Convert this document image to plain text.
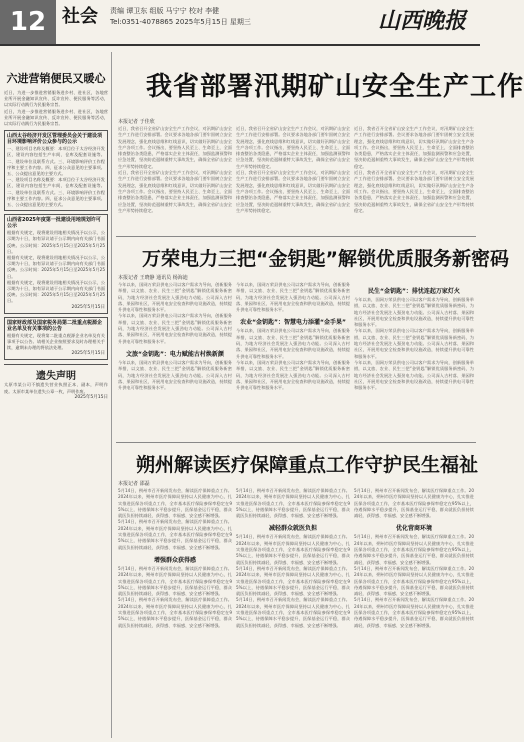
12 社会 责编 谭卫东 组版 马宁宁 校对 李健
Tel:0351-4078865 2025年5月15日 星期三	山西晚报
六进营销便民又暖心
近日，为进一步推进营销服务进乡村、进社区，各地营业所开展金融知识宣传、反诈宣传、便民服务等活动，以实际行动践行为民服务宗旨。
近日，为进一步推进营销服务进乡村、进社区，各地营业所开展金融知识宣传、反诈宣传、便民服务等活动，以实际行动践行为民服务宗旨。
山西太谷经济开发区管理委员会关于建设项目环境影响评价公众参与的公示
一、建设项目名称及概要：本项目位于太谷经济开发区，建设内容包括生产车间、仓库及配套设施等。二、建设单位及联系方式。三、环境影响评价工作程序和主要工作内容。四、征求公众意见的主要事项。五、公众提出意见的主要方式。
一、建设项目名称及概要：本项目位于太谷经济开发区，建设内容包括生产车间、仓库及配套设施等。二、建设单位及联系方式。三、环境影响评价工作程序和主要工作内容。四、征求公众意见的主要事项。五、公众提出意见的主要方式。
山西省2025年度第一批建设用地规划许可公示
根据有关规定，现将建设用地相关情况予以公示，公示期为十日，如有异议请于公示期内向有关部门书面反映。公示时间：2025年5月15日至2025年5月25日。
根据有关规定，现将建设用地相关情况予以公示，公示期为十日，如有异议请于公示期内向有关部门书面反映。公示时间：2025年5月15日至2025年5月25日。
根据有关规定，现将建设用地相关情况予以公示，公示期为十日，如有异议请于公示期内向有关部门书面反映。公示时间：2025年5月15日至2025年5月25日。
2025年5月15日
国家财政部及国家税务局第二批重点税源企业名单及有关事项的公告
根据有关规定，现将第二批重点税源企业名单及有关事项予以公告。请相关企业按照要求及时办理相关手续，逾期未办理的将依法处理。
2025年5月15日
遗失声明
太原市某公司不慎遗失营业执照正本、副本，声明作废。太原市某单位遗失公章一枚，声明作废。
2025年5月15日
我省部署汛期矿山安全生产工作
本报记者 于佳欣
近日，我省召开全省矿山安全生产工作会议，对汛期矿山安全生产工作进行安排部署。会议要求各地各部门要牢固树立安全发展理念，强化底线思维和红线意识，切实做好汛期矿山安全生产各项工作。会议指出，要坚持人民至上、生命至上，全面排查整治各类隐患，严格落实企业主体责任，加强监测预警和应急处置，坚决防范遏制重特大事故发生，确保全省矿山安全生产形势持续稳定。
近日，我省召开全省矿山安全生产工作会议，对汛期矿山安全生产工作进行安排部署。会议要求各地各部门要牢固树立安全发展理念，强化底线思维和红线意识，切实做好汛期矿山安全生产各项工作。会议指出，要坚持人民至上、生命至上，全面排查整治各类隐患，严格落实企业主体责任，加强监测预警和应急处置，坚决防范遏制重特大事故发生，确保全省矿山安全生产形势持续稳定。
近日，我省召开全省矿山安全生产工作会议，对汛期矿山安全生产工作进行安排部署。会议要求各地各部门要牢固树立安全发展理念，强化底线思维和红线意识，切实做好汛期矿山安全生产各项工作。会议指出，要坚持人民至上、生命至上，全面排查整治各类隐患，严格落实企业主体责任，加强监测预警和应急处置，坚决防范遏制重特大事故发生，确保全省矿山安全生产形势持续稳定。
近日，我省召开全省矿山安全生产工作会议，对汛期矿山安全生产工作进行安排部署。会议要求各地各部门要牢固树立安全发展理念，强化底线思维和红线意识，切实做好汛期矿山安全生产各项工作。会议指出，要坚持人民至上、生命至上，全面排查整治各类隐患，严格落实企业主体责任，加强监测预警和应急处置，坚决防范遏制重特大事故发生，确保全省矿山安全生产形势持续稳定。
近日，我省召开全省矿山安全生产工作会议，对汛期矿山安全生产工作进行安排部署。会议要求各地各部门要牢固树立安全发展理念，强化底线思维和红线意识，切实做好汛期矿山安全生产各项工作。会议指出，要坚持人民至上、生命至上，全面排查整治各类隐患，严格落实企业主体责任，加强监测预警和应急处置，坚决防范遏制重特大事故发生，确保全省矿山安全生产形势持续稳定。
近日，我省召开全省矿山安全生产工作会议，对汛期矿山安全生产工作进行安排部署。会议要求各地各部门要牢固树立安全发展理念，强化底线思维和红线意识，切实做好汛期矿山安全生产各项工作。会议指出，要坚持人民至上、生命至上，全面排查整治各类隐患，严格落实企业主体责任，加强监测预警和应急处置，坚决防范遏制重特大事故发生，确保全省矿山安全生产形势持续稳定。
万荣电力三把“金钥匙”解锁优质服务新密码
本报记者 王晓静 通讯员 杨海迪
今年以来，国网万荣县供电公司以客户需求为导向，创新服务举措，以文旅、农业、民生三把“金钥匙”解锁优质服务新密码，为地方经济社会发展注入强劲电力动能。公司深入古村落、果园和社区，开展用电安全检查和供电设施改造，持续提升供电可靠性和服务水平。
今年以来，国网万荣县供电公司以客户需求为导向，创新服务举措，以文旅、农业、民生三把“金钥匙”解锁优质服务新密码，为地方经济社会发展注入强劲电力动能。公司深入古村落、果园和社区，开展用电安全检查和供电设施改造，持续提升供电可靠性和服务水平。
文旅“金钥匙”：电力赋能古村焕新颜
今年以来，国网万荣县供电公司以客户需求为导向，创新服务举措，以文旅、农业、民生三把“金钥匙”解锁优质服务新密码，为地方经济社会发展注入强劲电力动能。公司深入古村落、果园和社区，开展用电安全检查和供电设施改造，持续提升供电可靠性和服务水平。
今年以来，国网万荣县供电公司以客户需求为导向，创新服务举措，以文旅、农业、民生三把“金钥匙”解锁优质服务新密码，为地方经济社会发展注入强劲电力动能。公司深入古村落、果园和社区，开展用电安全检查和供电设施改造，持续提升供电可靠性和服务水平。
农业“金钥匙”：智慧电力添灌“金手果”
今年以来，国网万荣县供电公司以客户需求为导向，创新服务举措，以文旅、农业、民生三把“金钥匙”解锁优质服务新密码，为地方经济社会发展注入强劲电力动能。公司深入古村落、果园和社区，开展用电安全检查和供电设施改造，持续提升供电可靠性和服务水平。
今年以来，国网万荣县供电公司以客户需求为导向，创新服务举措，以文旅、农业、民生三把“金钥匙”解锁优质服务新密码，为地方经济社会发展注入强劲电力动能。公司深入古村落、果园和社区，开展用电安全检查和供电设施改造，持续提升供电可靠性和服务水平。
民生“金钥匙”：排忧连起万家灯火
今年以来，国网万荣县供电公司以客户需求为导向，创新服务举措，以文旅、农业、民生三把“金钥匙”解锁优质服务新密码，为地方经济社会发展注入强劲电力动能。公司深入古村落、果园和社区，开展用电安全检查和供电设施改造，持续提升供电可靠性和服务水平。
今年以来，国网万荣县供电公司以客户需求为导向，创新服务举措，以文旅、农业、民生三把“金钥匙”解锁优质服务新密码，为地方经济社会发展注入强劲电力动能。公司深入古村落、果园和社区，开展用电安全检查和供电设施改造，持续提升供电可靠性和服务水平。
今年以来，国网万荣县供电公司以客户需求为导向，创新服务举措，以文旅、农业、民生三把“金钥匙”解锁优质服务新密码，为地方经济社会发展注入强劲电力动能。公司深入古村落、果园和社区，开展用电安全检查和供电设施改造，持续提升供电可靠性和服务水平。
朔州解读医疗保障重点工作守护民生福祉
本报记者 邵磊
5月14日，朔州市召开新闻发布会，解读医疗保障重点工作。2024年以来，朔州市医疗保障局坚持以人民健康为中心，扎实推进医保各项重点工作，全市基本医疗保险参保率稳定在95%以上，待遇保障水平稳步提升，医保基金运行平稳，群众就医负担持续减轻，获得感、幸福感、安全感不断增强。
5月14日，朔州市召开新闻发布会，解读医疗保障重点工作。2024年以来，朔州市医疗保障局坚持以人民健康为中心，扎实推进医保各项重点工作，全市基本医疗保险参保率稳定在95%以上，待遇保障水平稳步提升，医保基金运行平稳，群众就医负担持续减轻，获得感、幸福感、安全感不断增强。
增强群众获得感
5月14日，朔州市召开新闻发布会，解读医疗保障重点工作。2024年以来，朔州市医疗保障局坚持以人民健康为中心，扎实推进医保各项重点工作，全市基本医疗保险参保率稳定在95%以上，待遇保障水平稳步提升，医保基金运行平稳，群众就医负担持续减轻，获得感、幸福感、安全感不断增强。
5月14日，朔州市召开新闻发布会，解读医疗保障重点工作。2024年以来，朔州市医疗保障局坚持以人民健康为中心，扎实推进医保各项重点工作，全市基本医疗保险参保率稳定在95%以上，待遇保障水平稳步提升，医保基金运行平稳，群众就医负担持续减轻，获得感、幸福感、安全感不断增强。
5月14日，朔州市召开新闻发布会，解读医疗保障重点工作。2024年以来，朔州市医疗保障局坚持以人民健康为中心，扎实推进医保各项重点工作，全市基本医疗保险参保率稳定在95%以上，待遇保障水平稳步提升，医保基金运行平稳，群众就医负担持续减轻，获得感、幸福感、安全感不断增强。
减轻群众就医负担
5月14日，朔州市召开新闻发布会，解读医疗保障重点工作。2024年以来，朔州市医疗保障局坚持以人民健康为中心，扎实推进医保各项重点工作，全市基本医疗保险参保率稳定在95%以上，待遇保障水平稳步提升，医保基金运行平稳，群众就医负担持续减轻，获得感、幸福感、安全感不断增强。
5月14日，朔州市召开新闻发布会，解读医疗保障重点工作。2024年以来，朔州市医疗保障局坚持以人民健康为中心，扎实推进医保各项重点工作，全市基本医疗保险参保率稳定在95%以上，待遇保障水平稳步提升，医保基金运行平稳，群众就医负担持续减轻，获得感、幸福感、安全感不断增强。
5月14日，朔州市召开新闻发布会，解读医疗保障重点工作。2024年以来，朔州市医疗保障局坚持以人民健康为中心，扎实推进医保各项重点工作，全市基本医疗保险参保率稳定在95%以上，待遇保障水平稳步提升，医保基金运行平稳，群众就医负担持续减轻，获得感、幸福感、安全感不断增强。
5月14日，朔州市召开新闻发布会，解读医疗保障重点工作。2024年以来，朔州市医疗保障局坚持以人民健康为中心，扎实推进医保各项重点工作，全市基本医疗保险参保率稳定在95%以上，待遇保障水平稳步提升，医保基金运行平稳，群众就医负担持续减轻，获得感、幸福感、安全感不断增强。
优化营商环境
5月14日，朔州市召开新闻发布会，解读医疗保障重点工作。2024年以来，朔州市医疗保障局坚持以人民健康为中心，扎实推进医保各项重点工作，全市基本医疗保险参保率稳定在95%以上，待遇保障水平稳步提升，医保基金运行平稳，群众就医负担持续减轻，获得感、幸福感、安全感不断增强。
5月14日，朔州市召开新闻发布会，解读医疗保障重点工作。2024年以来，朔州市医疗保障局坚持以人民健康为中心，扎实推进医保各项重点工作，全市基本医疗保险参保率稳定在95%以上，待遇保障水平稳步提升，医保基金运行平稳，群众就医负担持续减轻，获得感、幸福感、安全感不断增强。
5月14日，朔州市召开新闻发布会，解读医疗保障重点工作。2024年以来，朔州市医疗保障局坚持以人民健康为中心，扎实推进医保各项重点工作，全市基本医疗保险参保率稳定在95%以上，待遇保障水平稳步提升，医保基金运行平稳，群众就医负担持续减轻，获得感、幸福感、安全感不断增强。
